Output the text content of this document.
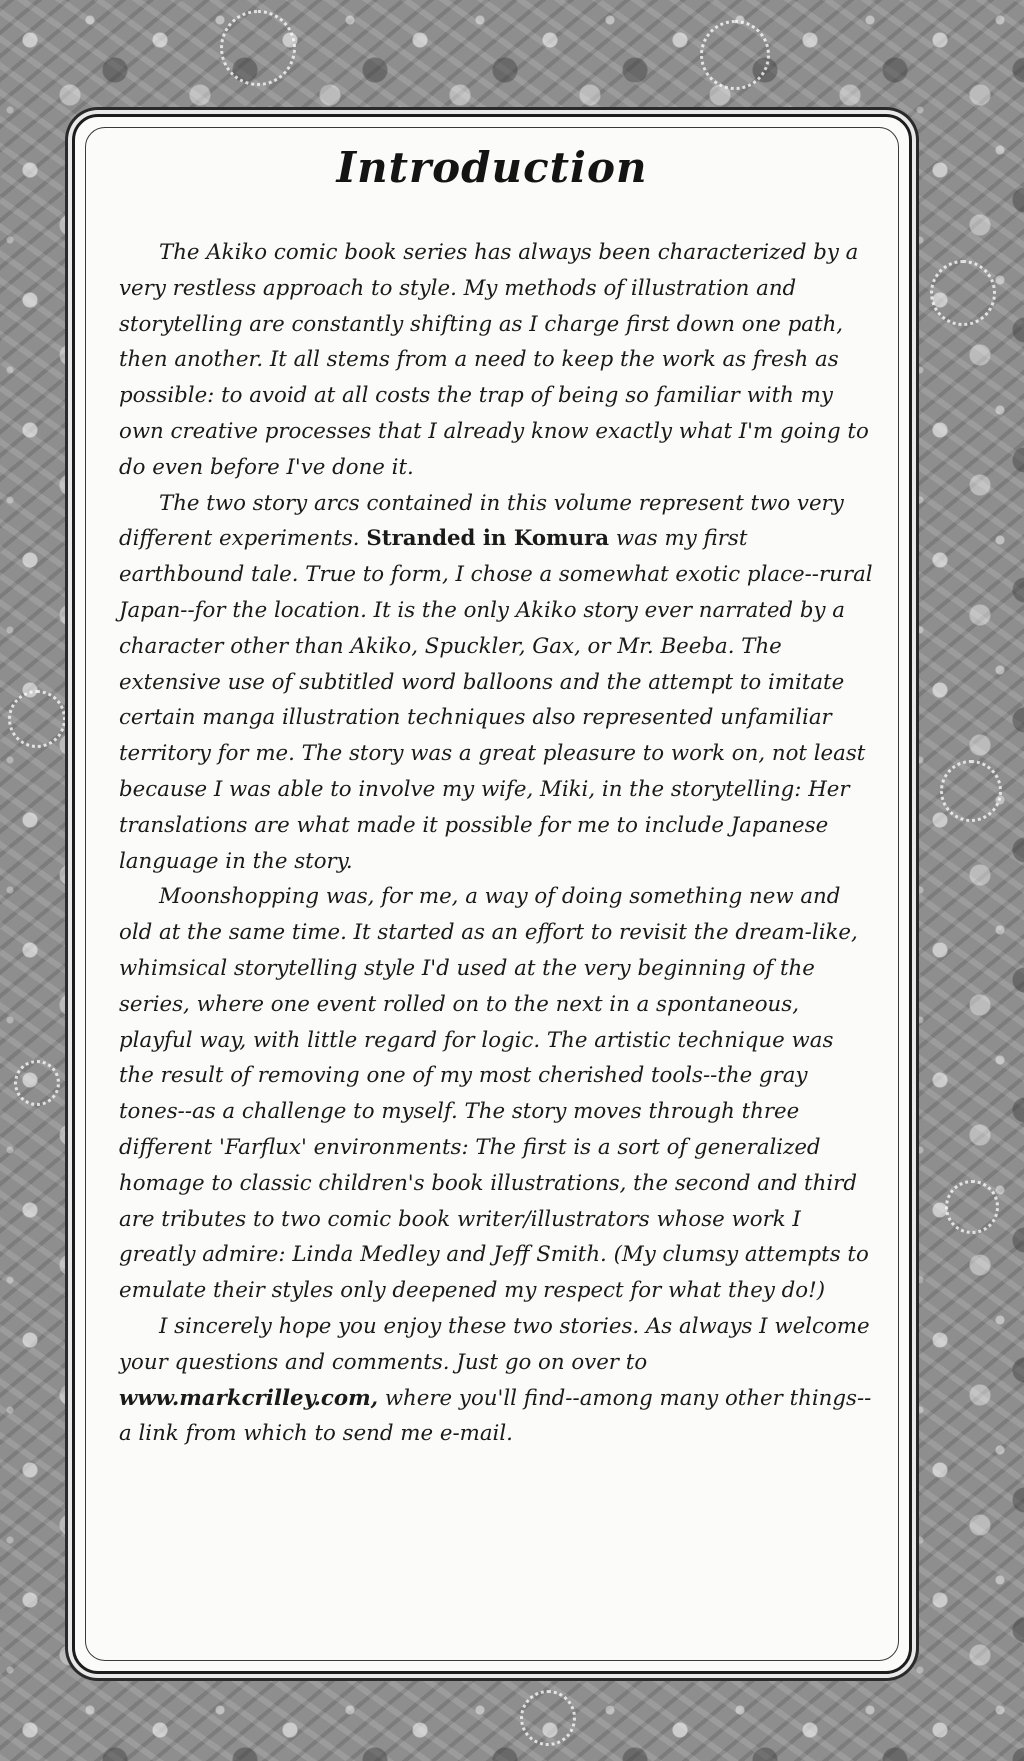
Introduction

The Akiko comic book series has always been characterized by a very restless approach to style. My methods of illustration and storytelling are constantly shifting as I charge first down one path, then another. It all stems from a need to keep the work as fresh as possible: to avoid at all costs the trap of being so familiar with my own creative processes that I already know exactly what I'm going to do even before I've done it.

The two story arcs contained in this volume represent two very different experiments. Stranded in Komura was my first earthbound tale. True to form, I chose a somewhat exotic place--rural Japan--for the location. It is the only Akiko story ever narrated by a character other than Akiko, Spuckler, Gax, or Mr. Beeba. The extensive use of subtitled word balloons and the attempt to imitate certain manga illustration techniques also represented unfamiliar territory for me. The story was a great pleasure to work on, not least because I was able to involve my wife, Miki, in the storytelling: Her translations are what made it possible for me to include Japanese language in the story.

Moonshopping was, for me, a way of doing something new and old at the same time. It started as an effort to revisit the dream-like, whimsical storytelling style I'd used at the very beginning of the series, where one event rolled on to the next in a spontaneous, playful way, with little regard for logic. The artistic technique was the result of removing one of my most cherished tools--the gray tones--as a challenge to myself. The story moves through three different 'Farflux' environments: The first is a sort of generalized homage to classic children's book illustrations, the second and third are tributes to two comic book writer/illustrators whose work I greatly admire: Linda Medley and Jeff Smith. (My clumsy attempts to emulate their styles only deepened my respect for what they do!)

I sincerely hope you enjoy these two stories. As always I welcome your questions and comments. Just go on over to www.markcrilley.com, where you'll find--among many other things--a link from which to send me e-mail.
